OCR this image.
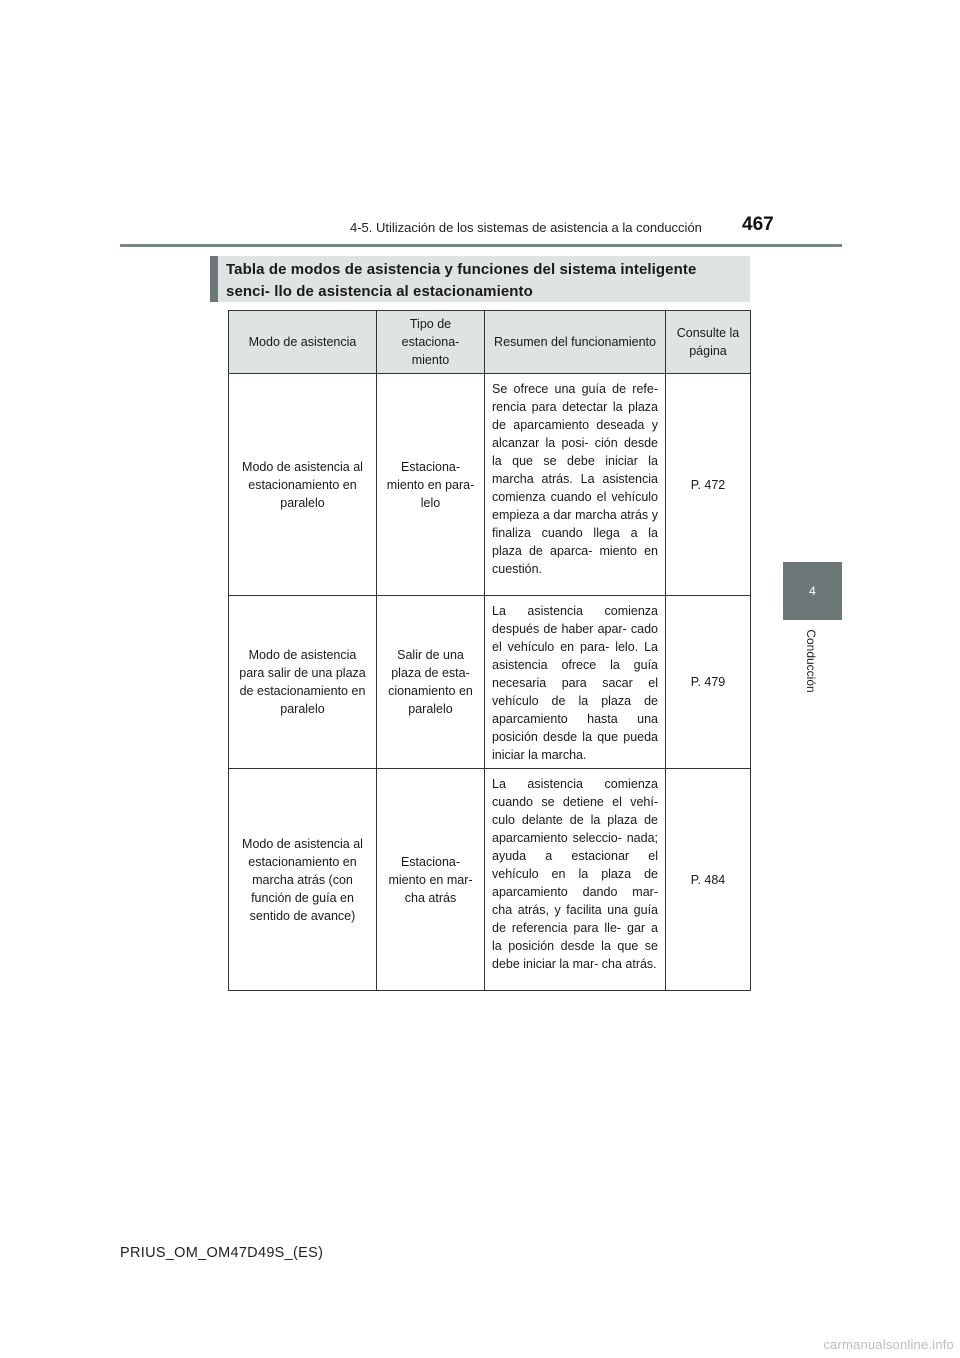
4-5. Utilización de los sistemas de asistencia a la conducción 467
4
Conducción
Tabla de modos de asistencia y funciones del sistema inteligente senci- llo de asistencia al estacionamiento
Modo de asistencia	Tipo de estaciona- miento	Resumen del funcionamiento	Consulte la página
Modo de asistencia al estacionamiento en paralelo	Estaciona- miento en para- lelo	Se ofrece una guía de refe- rencia para detectar la plaza de aparcamiento deseada y alcanzar la posi- ción desde la que se debe iniciar la marcha atrás. La asistencia comienza cuando el vehículo empieza a dar marcha atrás y finaliza cuando llega a la plaza de aparca- miento en cuestión.	P. 472
Modo de asistencia para salir de una plaza de estacionamiento en paralelo	Salir de una plaza de esta- cionamiento en paralelo	La asistencia comienza después de haber apar- cado el vehículo en para- lelo. La asistencia ofrece la guía necesaria para sacar el vehículo de la plaza de aparcamiento hasta una posición desde la que pueda iniciar la marcha.	P. 479
Modo de asistencia al estacionamiento en marcha atrás (con función de guía en sentido de avance)	Estaciona- miento en mar- cha atrás	La asistencia comienza cuando se detiene el vehí- culo delante de la plaza de aparcamiento seleccio- nada; ayuda a estacionar el vehículo en la plaza de aparcamiento dando mar- cha atrás, y facilita una guía de referencia para lle- gar a la posición desde la que se debe iniciar la mar- cha atrás.	P. 484
PRIUS_OM_OM47D49S_(ES)
carmanualsonline.info
